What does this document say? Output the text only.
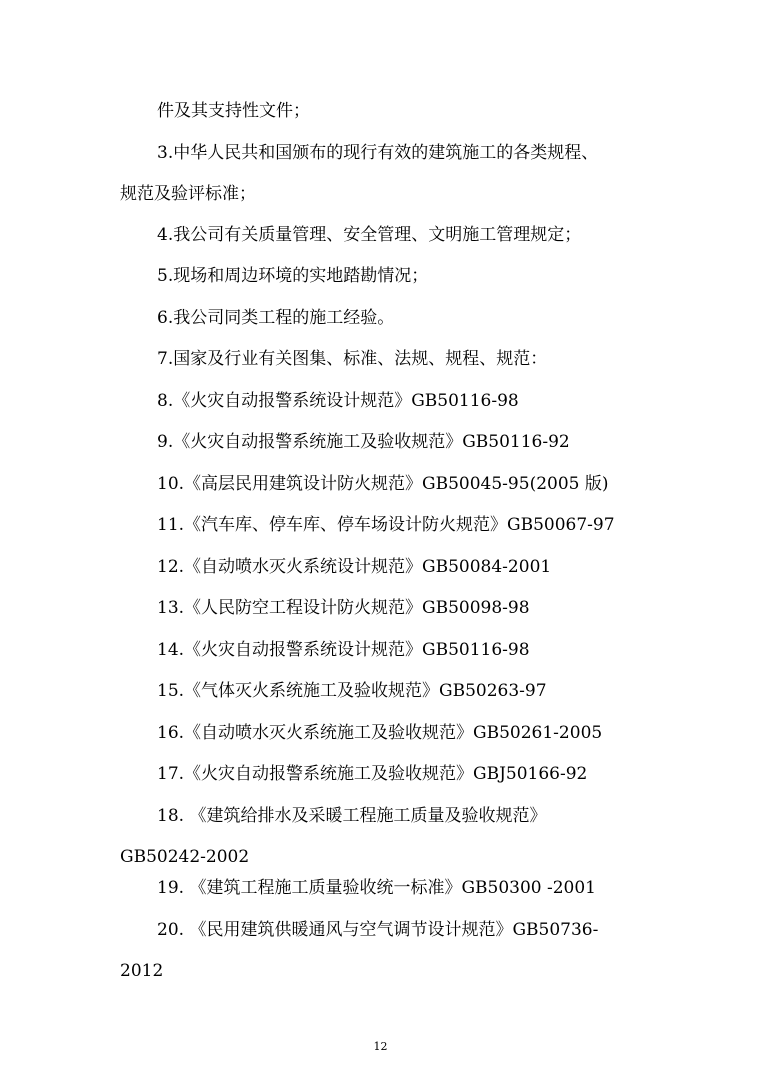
件及其支持性文件；
3.中华人民共和国颁布的现行有效的建筑施工的各类规程、
规范及验评标准；
4.我公司有关质量管理、安全管理、文明施工管理规定；
5.现场和周边环境的实地踏勘情况；
6.我公司同类工程的施工经验。
7.国家及行业有关图集、标准、法规、规程、规范：
8.《火灾自动报警系统设计规范》GB50116-98
9.《火灾自动报警系统施工及验收规范》GB50116-92
10.《高层民用建筑设计防火规范》GB50045-95(2005 版)
11.《汽车库、停车库、停车场设计防火规范》GB50067-97
12.《自动喷水灭火系统设计规范》GB50084-2001
13.《人民防空工程设计防火规范》GB50098-98
14.《火灾自动报警系统设计规范》GB50116-98
15.《气体灭火系统施工及验收规范》GB50263-97
16.《自动喷水灭火系统施工及验收规范》GB50261-2005
17.《火灾自动报警系统施工及验收规范》GBJ50166-92
18. 《建筑给排水及采暖工程施工质量及验收规范》
GB50242-2002
19. 《建筑工程施工质量验收统一标准》GB50300 -2001
20. 《民用建筑供暖通风与空气调节设计规范》GB50736-
2012
12
